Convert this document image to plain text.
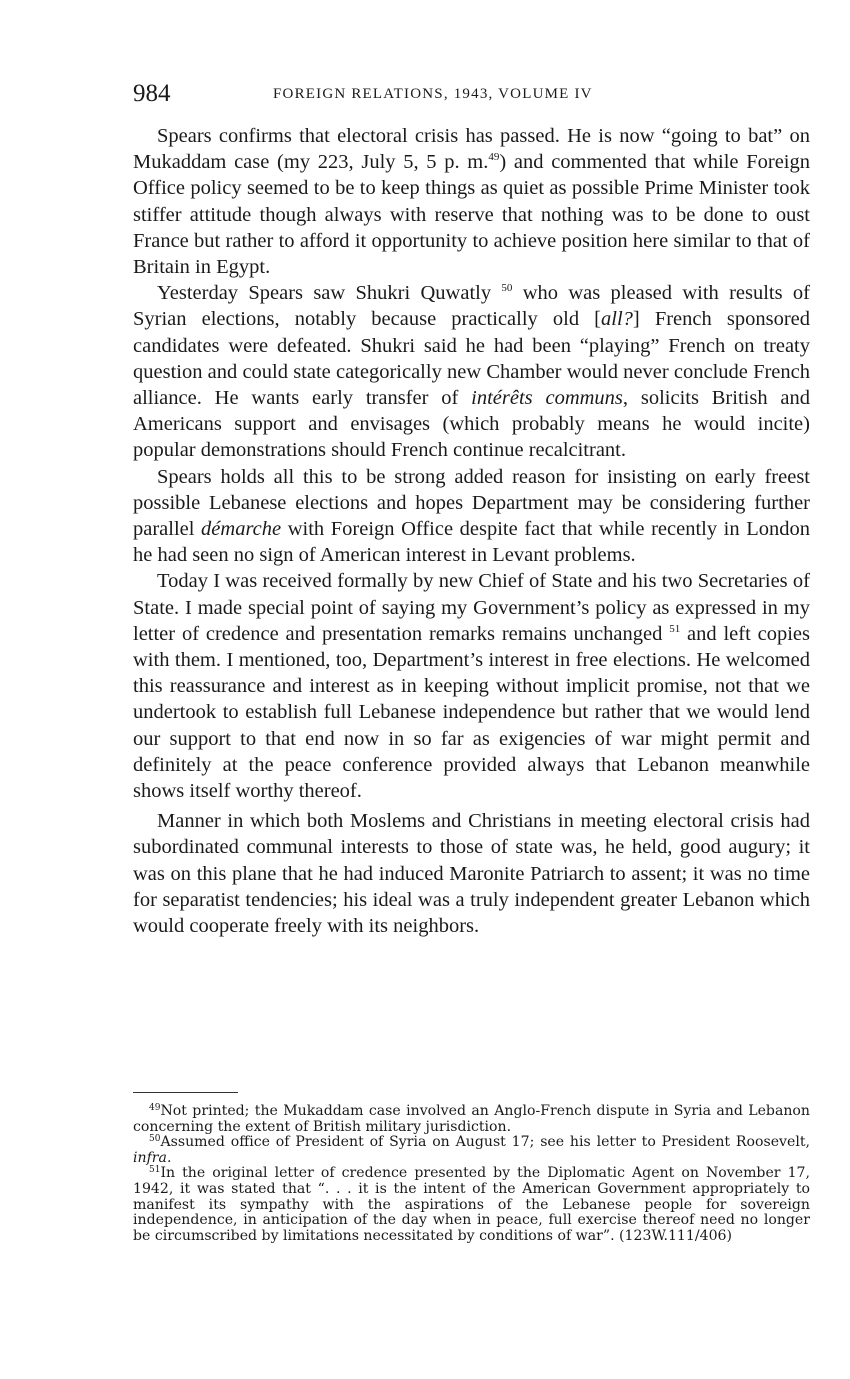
984	FOREIGN RELATIONS, 1943, VOLUME IV

Spears confirms that electoral crisis has passed. He is now “going to bat” on Mukaddam case (my 223, July 5, 5 p. m.$^{49}$) and commented that while Foreign Office policy seemed to be to keep things as quiet as possible Prime Minister took stiffer attitude though always with reserve that nothing was to be done to oust France but rather to afford it opportunity to achieve position here similar to that of Britain in Egypt.

Yesterday Spears saw Shukri Quwatly $^{50}$ who was pleased with results of Syrian elections, notably because practically old [all?] French sponsored candidates were defeated. Shukri said he had been “playing” French on treaty question and could state categorically new Chamber would never conclude French alliance. He wants early transfer of intérêts communs, solicits British and Americans support and envisages (which probably means he would incite) popular demonstrations should French continue recalcitrant.

Spears holds all this to be strong added reason for insisting on early freest possible Lebanese elections and hopes Department may be considering further parallel démarche with Foreign Office despite fact that while recently in London he had seen no sign of American interest in Levant problems.

Today I was received formally by new Chief of State and his two Secretaries of State. I made special point of saying my Government’s policy as expressed in my letter of credence and presentation remarks remains unchanged $^{51}$ and left copies with them. I mentioned, too, Department’s interest in free elections. He welcomed this reassurance and interest as in keeping without implicit promise, not that we undertook to establish full Lebanese independence but rather that we would lend our support to that end now in so far as exigencies of war might permit and definitely at the peace conference provided always that Lebanon meanwhile shows itself worthy thereof.

Manner in which both Moslems and Christians in meeting electoral crisis had subordinated communal interests to those of state was, he held, good augury; it was on this plane that he had induced Maronite Patriarch to assent; it was no time for separatist tendencies; his ideal was a truly independent greater Lebanon which would cooperate freely with its neighbors.

$^{49}$Not printed; the Mukaddam case involved an Anglo-French dispute in Syria and Lebanon concerning the extent of British military jurisdiction.

$^{50}$Assumed office of President of Syria on August 17; see his letter to President Roosevelt, infra.

$^{51}$In the original letter of credence presented by the Diplomatic Agent on November 17, 1942, it was stated that “. . . it is the intent of the American Government appropriately to manifest its sympathy with the aspirations of the Lebanese people for sovereign independence, in anticipation of the day when in peace, full exercise thereof need no longer be circumscribed by limitations necessitated by conditions of war”. (123W.111/406)
